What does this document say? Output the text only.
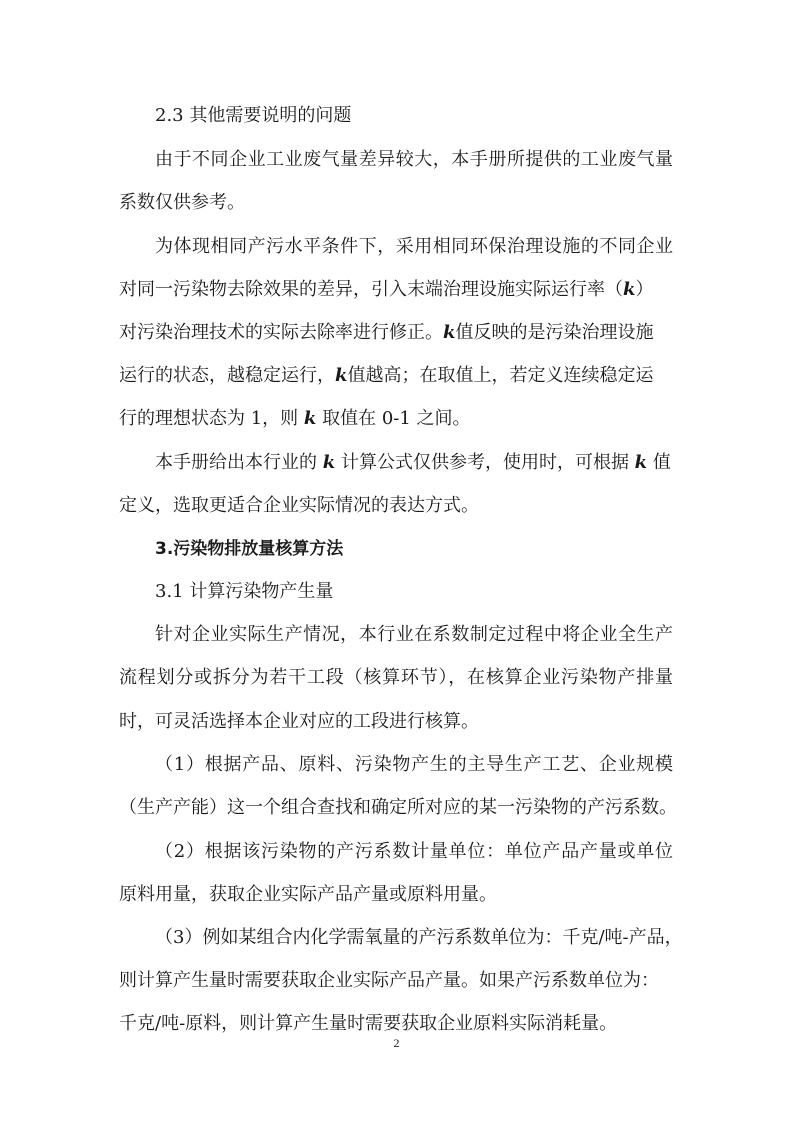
2.3 其他需要说明的问题
由于不同企业工业废气量差异较大，本手册所提供的工业废气量
系数仅供参考。
为体现相同产污水平条件下，采用相同环保治理设施的不同企业
对同一污染物去除效果的差异，引入末端治理设施实际运行率（k）
对污染治理技术的实际去除率进行修正。k值反映的是污染治理设施
运行的状态，越稳定运行，k值越高；在取值上，若定义连续稳定运
行的理想状态为 1，则 k 取值在 0-1 之间。
本手册给出本行业的 k 计算公式仅供参考，使用时，可根据 k 值
定义，选取更适合企业实际情况的表达方式。
3.污染物排放量核算方法
3.1 计算污染物产生量
针对企业实际生产情况，本行业在系数制定过程中将企业全生产
流程划分或拆分为若干工段（核算环节），在核算企业污染物产排量
时，可灵活选择本企业对应的工段进行核算。
（1）根据产品、原料、污染物产生的主导生产工艺、企业规模
（生产产能）这一个组合查找和确定所对应的某一污染物的产污系数。
（2）根据该污染物的产污系数计量单位：单位产品产量或单位
原料用量，获取企业实际产品产量或原料用量。
（3）例如某组合内化学需氧量的产污系数单位为：千克/吨-产品，
则计算产生量时需要获取企业实际产品产量。如果产污系数单位为：
千克/吨-原料，则计算产生量时需要获取企业原料实际消耗量。
2
